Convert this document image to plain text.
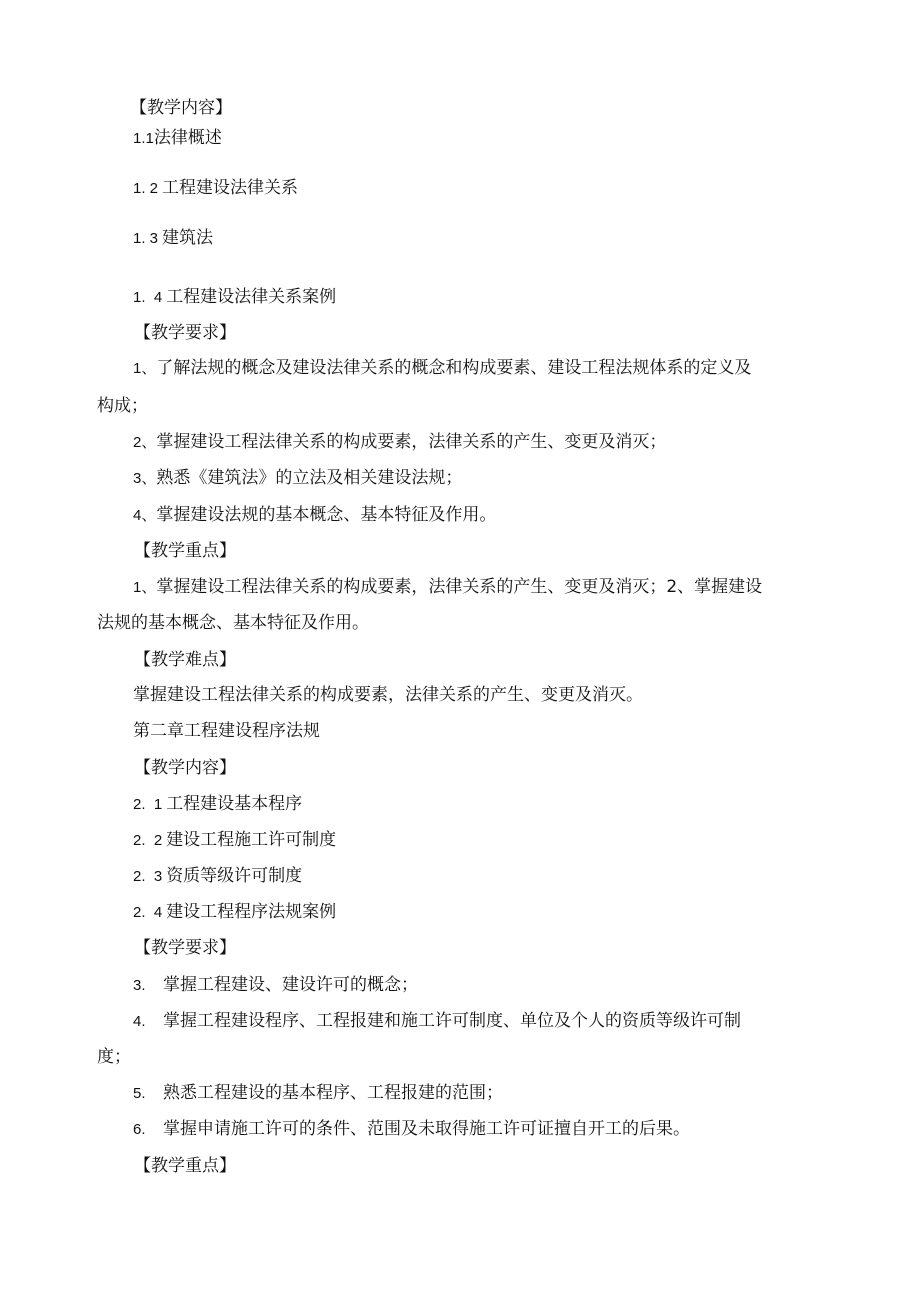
【教学内容】
1.1法律概述
1. 2 工程建设法律关系
1. 3 建筑法
1.  4 工程建设法律关系案例
【教学要求】
1、了解法规的概念及建设法律关系的概念和构成要素、建设工程法规体系的定义及
构成；
2、掌握建设工程法律关系的构成要素，法律关系的产生、变更及消灭；
3、熟悉《建筑法》的立法及相关建设法规；
4、掌握建设法规的基本概念、基本特征及作用。
【教学重点】
1、掌握建设工程法律关系的构成要素，法律关系的产生、变更及消灭；2、掌握建设
法规的基本概念、基本特征及作用。
【教学难点】
掌握建设工程法律关系的构成要素，法律关系的产生、变更及消灭。
第二章工程建设程序法规
【教学内容】
2.  1 工程建设基本程序
2.  2 建设工程施工许可制度
2.  3 资质等级许可制度
2.  4 建设工程程序法规案例
【教学要求】
3. 掌握工程建设、建设许可的概念；
4. 掌握工程建设程序、工程报建和施工许可制度、单位及个人的资质等级许可制
度；
5. 熟悉工程建设的基本程序、工程报建的范围；
6. 掌握申请施工许可的条件、范围及未取得施工许可证擅自开工的后果。
【教学重点】
